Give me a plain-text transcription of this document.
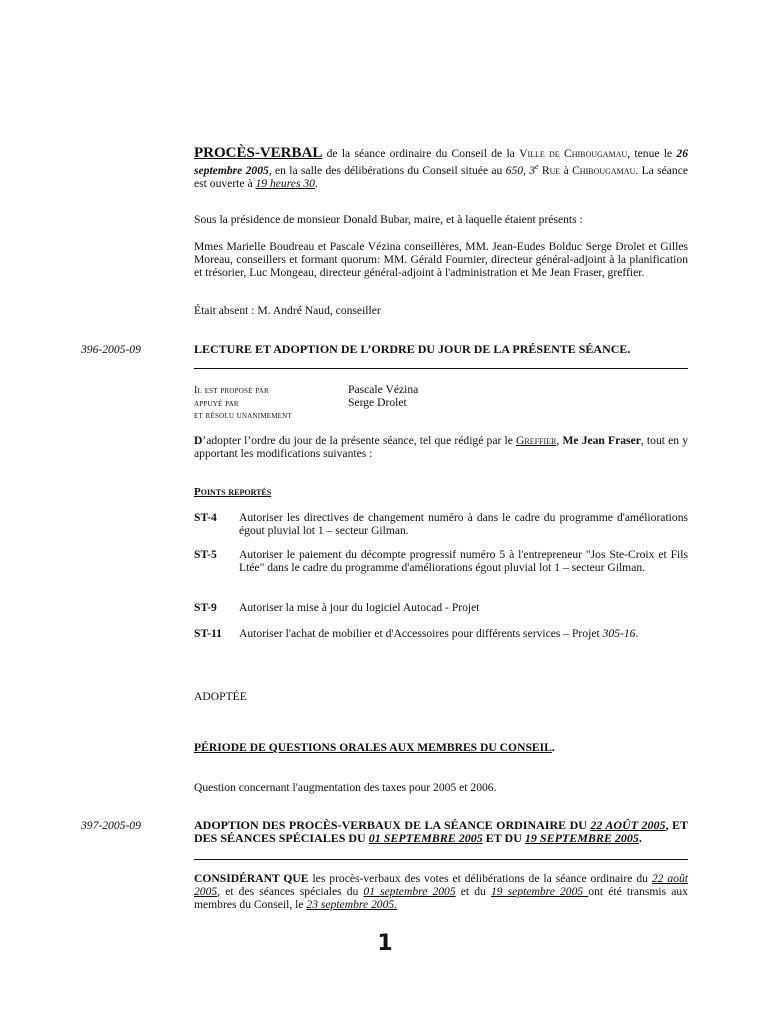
PROCÈS-VERBAL de la séance ordinaire du Conseil de la Ville de Chibougamau, tenue le 26 septembre 2005, en la salle des délibérations du Conseil située au 650, 3e Rue à Chibougamau. La séance est ouverte à 19 heures 30.
Sous la présidence de monsieur Donald Bubar, maire, et à laquelle étaient présents :
Mmes Marielle Boudreau et Pascale Vézina conseillères, MM. Jean-Eudes Bolduc Serge Drolet et Gilles Moreau, conseillers et formant quorum: MM. Gérald Fournier, directeur général-adjoint à la planification et trésorier, Luc Mongeau, directeur général-adjoint à l'administration et Me Jean Fraser, greffier.
Était absent : M. André Naud, conseiller
396-2005-09	LECTURE ET ADOPTION DE L’ORDRE DU JOUR DE LA PRÉSENTE SÉANCE.
Il est proposé par	Pascale Vézina
appuyé par	Serge Drolet
et résolu unanimement
D’adopter l’ordre du jour de la présente séance, tel que rédigé par le Greffier, Me Jean Fraser, tout en y apportant les modifications suivantes :
Points reportés
ST-4 Autoriser les directives de changement numéro à dans le cadre du programme d'améliorations égout pluvial lot 1 – secteur Gilman.
ST-5 Autoriser le paiement du décompte progressif numéro 5 à l'entrepreneur "Jos Ste-Croix et Fils Ltée" dans le cadre du programme d'améliorations égout pluvial lot 1 – secteur Gilman.
ST-9 Autoriser la mise à jour du logiciel Autocad - Projet
ST-11 Autoriser l'achat de mobilier et d'Accessoires pour différents services – Projet 305-16.
ADOPTÉE
PÉRIODE DE QUESTIONS ORALES AUX MEMBRES DU CONSEIL.
Question concernant l'augmentation des taxes pour 2005 et 2006.
397-2005-09	ADOPTION DES PROCÈS-VERBAUX DE LA SÉANCE ORDINAIRE DU 22 AOÛT 2005, ET DES SÉANCES SPÉCIALES DU 01 SEPTEMBRE 2005 ET DU 19 SEPTEMBRE 2005.
CONSIDÉRANT QUE les procès-verbaux des votes et délibérations de la séance ordinaire du 22 août 2005, et des séances spéciales du 01 septembre 2005 et du 19 septembre 2005 ont été transmis aux membres du Conseil, le 23 septembre 2005.
1
